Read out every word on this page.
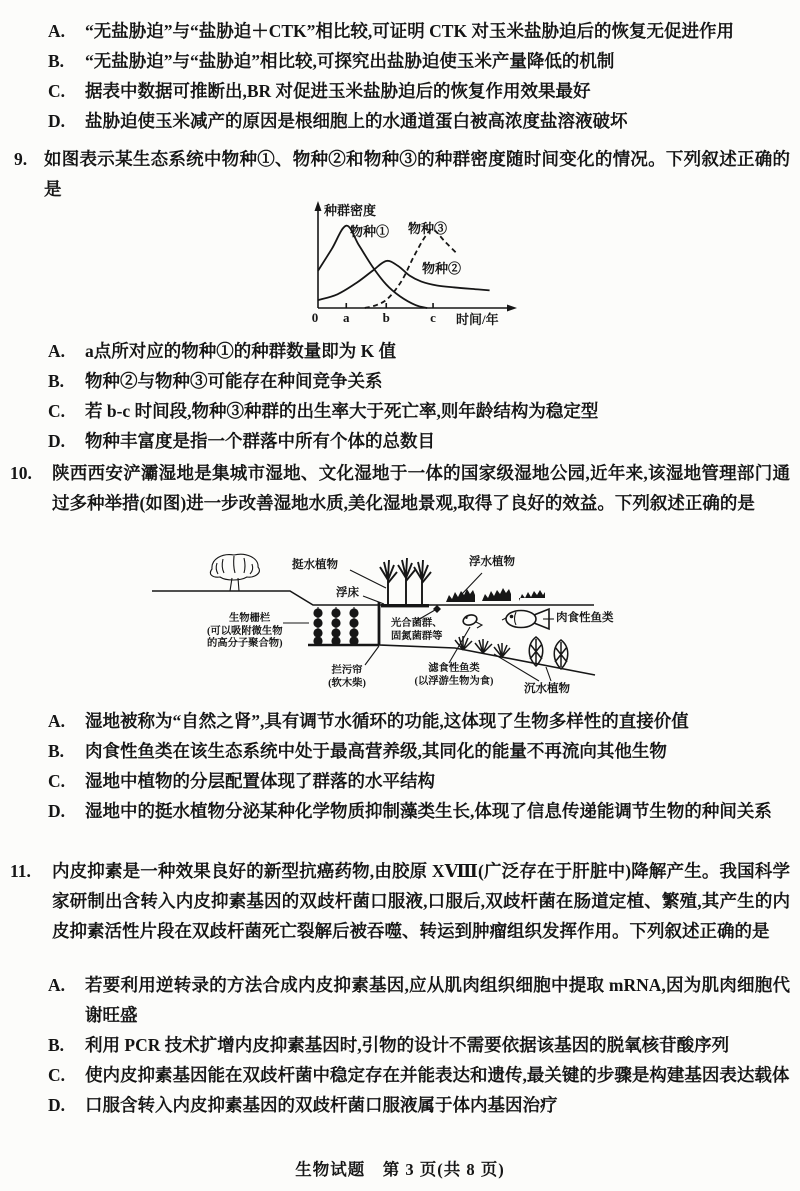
A.	“无盐胁迫”与“盐胁迫＋CTK”相比较,可证明 CTK 对玉米盐胁迫后的恢复无促进作用
B.	“无盐胁迫”与“盐胁迫”相比较,可探究出盐胁迫使玉米产量降低的机制
C.	据表中数据可推断出,BR 对促进玉米盐胁迫后的恢复作用效果最好
D.	盐胁迫使玉米减产的原因是根细胞上的水通道蛋白被高浓度盐溶液破坏
9. 如图表示某生态系统中物种①、物种②和物种③的种群密度随时间变化的情况。下列叙述正确的是
0 a	b	c
种群密度
物种① 物种③
物种②
时间/年
A.	a点所对应的物种①的种群数量即为 K 值
B.	物种②与物种③可能存在种间竞争关系
C.	若 b-c 时间段,物种③种群的出生率大于死亡率,则年龄结构为稳定型
D.	物种丰富度是指一个群落中所有个体的总数目
10.	陕西西安浐灞湿地是集城市湿地、文化湿地于一体的国家级湿地公园,近年来,该湿地管理部门通过多种举措(如图)进一步改善湿地水质,美化湿地景观,取得了良好的效益。下列叙述正确的是
挺水植物	浮水植物
浮床
生物栅栏
(可以吸附微生物
的高分子聚合物)
光合菌群、
固氮菌群等
肉食性鱼类
拦污帘
(软木柴)
滤食性鱼类
(以浮游生物为食)
沉水植物
A.	湿地被称为“自然之肾”,具有调节水循环的功能,这体现了生物多样性的直接价值
B.	肉食性鱼类在该生态系统中处于最高营养级,其同化的能量不再流向其他生物
C.	湿地中植物的分层配置体现了群落的水平结构
D.	湿地中的挺水植物分泌某种化学物质抑制藻类生长,体现了信息传递能调节生物的种间关系
11.	内皮抑素是一种效果良好的新型抗癌药物,由胶原 XⅧ(广泛存在于肝脏中)降解产生。我国科学家研制出含转入内皮抑素基因的双歧杆菌口服液,口服后,双歧杆菌在肠道定植、繁殖,其产生的内皮抑素活性片段在双歧杆菌死亡裂解后被吞噬、转运到肿瘤组织发挥作用。下列叙述正确的是
A.	若要利用逆转录的方法合成内皮抑素基因,应从肌肉组织细胞中提取 mRNA,因为肌肉细胞代谢旺盛
B.	利用 PCR 技术扩增内皮抑素基因时,引物的设计不需要依据该基因的脱氧核苷酸序列
C.	使内皮抑素基因能在双歧杆菌中稳定存在并能表达和遗传,最关键的步骤是构建基因表达载体
D.	口服含转入内皮抑素基因的双歧杆菌口服液属于体内基因治疗
生物试题　第 3 页(共 8 页)
